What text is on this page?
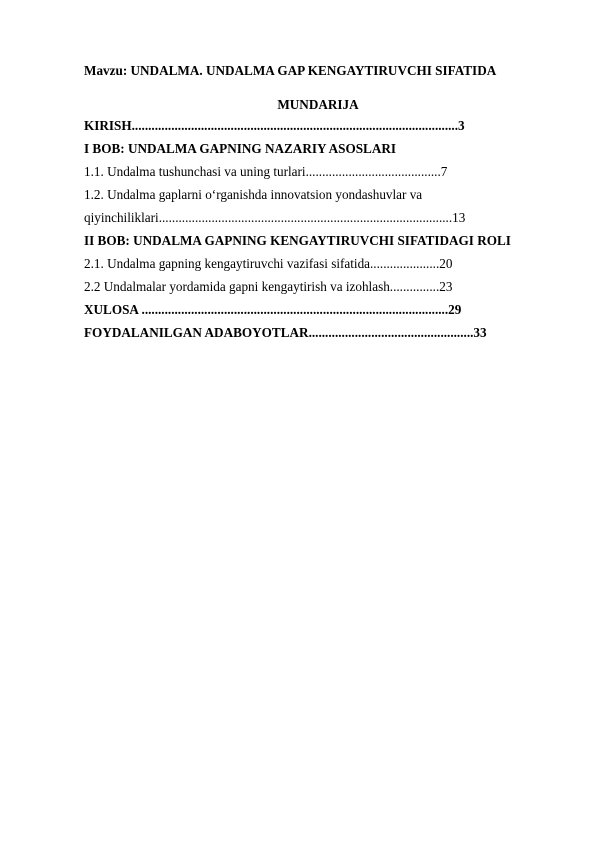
Mavzu: UNDALMA. UNDALMA GAP KENGAYTIRUVCHI SIFATIDA
MUNDARIJA
KIRISH...................................................................................................3
I BOB: UNDALMA GAPNING NAZARIY ASOSLARI
1.1. Undalma tushunchasi va uning turlari.........................................7
1.2. Undalma gaplarni o‘rganishda innovatsion yondashuvlar va
qiyinchiliklari.........................................................................................13
II BOB: UNDALMA GAPNING KENGAYTIRUVCHI SIFATIDAGI ROLI
2.1. Undalma gapning kengaytiruvchi vazifasi sifatida.....................20
2.2 Undalmalar yordamida gapni kengaytirish va izohlash...............23
XULOSA .............................................................................................29
FOYDALANILGAN ADABOYOTLAR..................................................33
